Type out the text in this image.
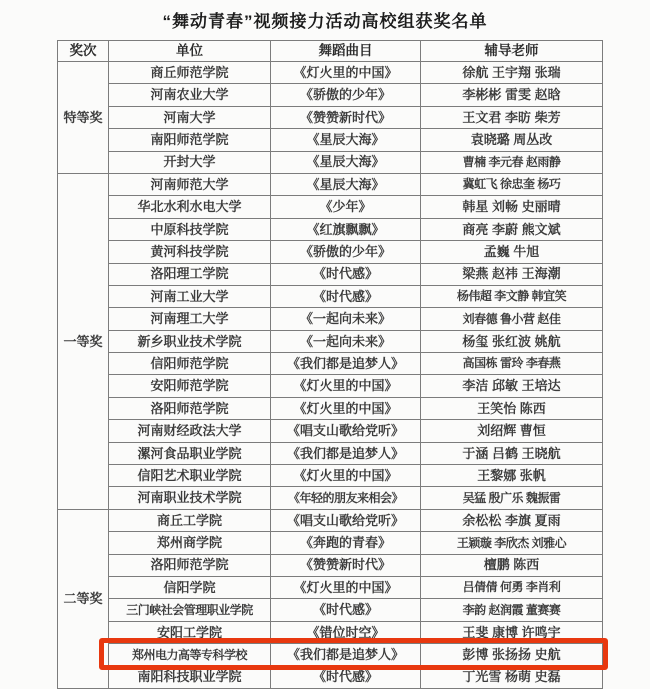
“舞动青春”视频接力活动高校组获奖名单
奖次	单位	舞蹈曲目	辅导老师
特等奖	商丘师范学院	《灯火里的中国》	徐航 王宇翔 张瑞
	河南农业大学	《骄傲的少年》	李彬彬 雷雯 赵晗
	河南大学	《赞赞新时代》	王文君 李昉 柴芳
	南阳师范学院	《星辰大海》	袁晓璐 周丛改
	开封大学	《星辰大海》	曹楠 李元春 赵雨静
一等奖	河南师范大学	《星辰大海》	冀虹飞 徐忠奎 杨巧
	华北水利水电大学	《少年》	韩星 刘畅 史丽晴
	中原科技学院	《红旗飘飘》	商亮 李蔚 熊文斌
	黄河科技学院	《骄傲的少年》	孟巍 牛旭
	洛阳理工学院	《时代感》	梁燕 赵祎 王海潮
	河南工业大学	《时代感》	杨伟超 李文静 韩宜笑
	河南理工大学	《一起向未来》	刘春德 鲁小营 赵佳
	新乡职业技术学院	《一起向未来》	杨玺 张红波 姚航
	信阳师范学院	《我们都是追梦人》	高国栋 雷玲 李春燕
	安阳师范学院	《灯火里的中国》	李洁 邱敏 王培达
	洛阳师范学院	《灯火里的中国》	王笑怡 陈西
	河南财经政法大学	《唱支山歌给党听》	刘绍辉 曹恒
	漯河食品职业学院	《我们都是追梦人》	于涵 吕鹤 王晓航
	信阳艺术职业学院	《灯火里的中国》	王黎娜 张帆
	河南职业技术学院	《年轻的朋友来相会》	吴猛 殷广乐 魏振雷
二等奖	商丘工学院	《唱支山歌给党听》	余松松 李旗 夏雨
	郑州商学院	《奔跑的青春》	王颖璇 李欣杰 刘雅心
	洛阳师范学院	《赞赞新时代》	檀鹏 陈西
	信阳学院	《灯火里的中国》	吕倩倩 何勇 李肖利
	三门峡社会管理职业学院	《时代感》	李韵 赵润霞 董赛赛
	安阳工学院	《错位时空》	王斐 康博 许鸣宇
	郑州电力高等专科学校	《我们都是追梦人》	彭博 张扬扬 史航
	南阳科技职业学院	《时代感》	丁光雪 杨萌 史磊
